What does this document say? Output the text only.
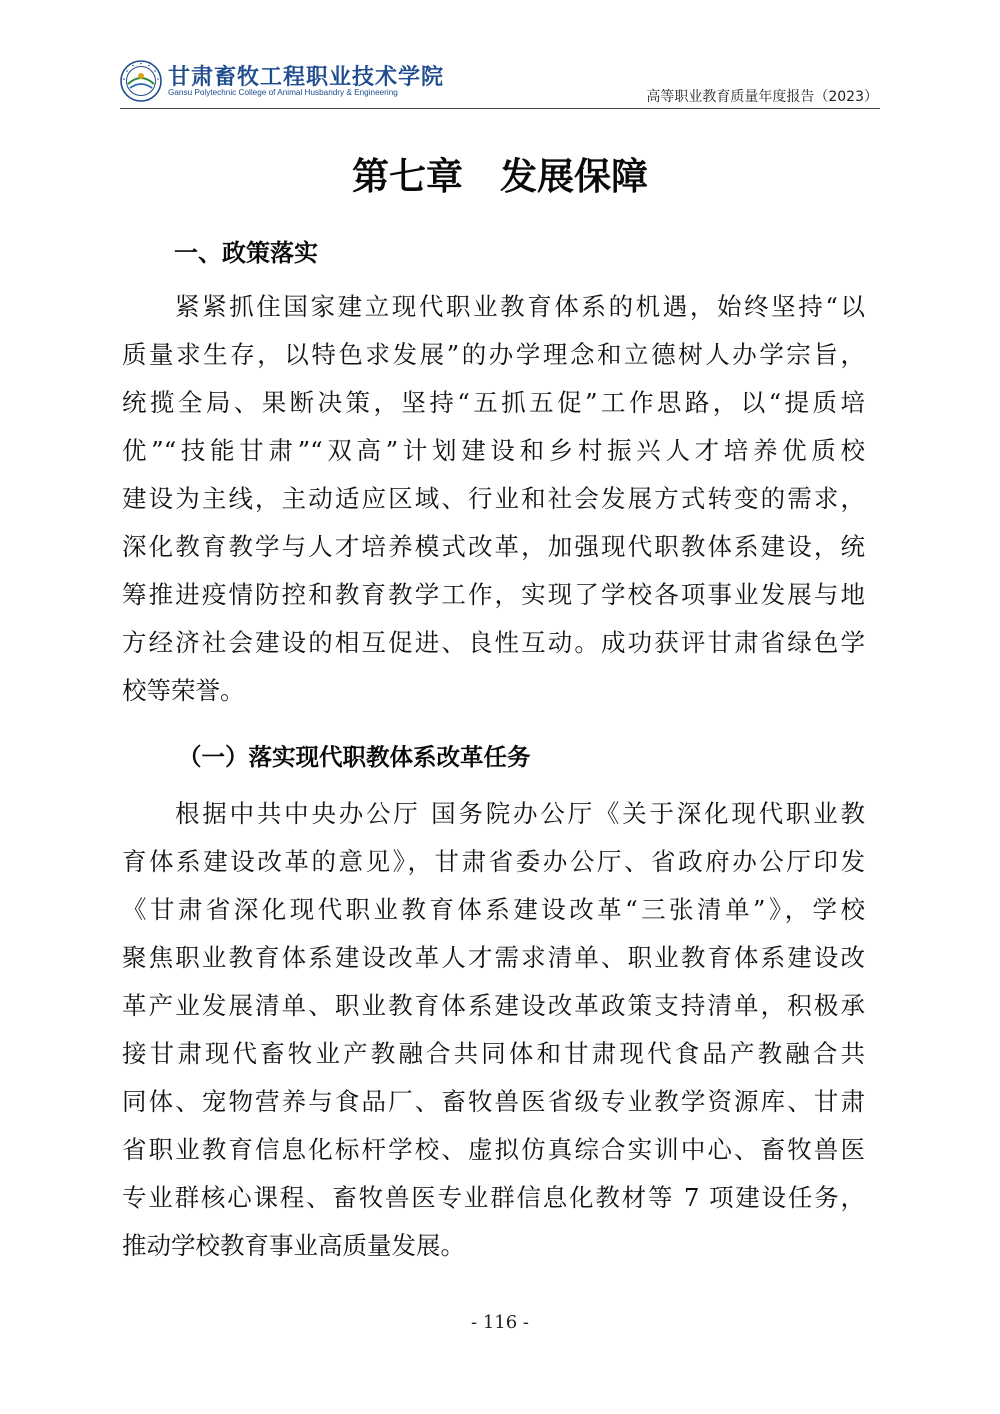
甘肃畜牧工程职业技术学院
Gansu Polytechnic College of Animal Husbandry & Engineering	高等职业教育质量年度报告（2023）
第七章　发展保障
一、政策落实
紧紧抓住国家建立现代职业教育体系的机遇，始终坚持“以
质量求生存，以特色求发展”的办学理念和立德树人办学宗旨，
统揽全局、果断决策，坚持“五抓五促”工作思路，以“提质培
优”“技能甘肃”“双高”计划建设和乡村振兴人才培养优质校
建设为主线，主动适应区域、行业和社会发展方式转变的需求，
深化教育教学与人才培养模式改革，加强现代职教体系建设，统
筹推进疫情防控和教育教学工作，实现了学校各项事业发展与地
方经济社会建设的相互促进、良性互动。成功获评甘肃省绿色学
校等荣誉。
（一）落实现代职教体系改革任务
根据中共中央办公厅 国务院办公厅《关于深化现代职业教
育体系建设改革的意见》，甘肃省委办公厅、省政府办公厅印发
《甘肃省深化现代职业教育体系建设改革“三张清单”》，学校
聚焦职业教育体系建设改革人才需求清单、职业教育体系建设改
革产业发展清单、职业教育体系建设改革政策支持清单，积极承
接甘肃现代畜牧业产教融合共同体和甘肃现代食品产教融合共
同体、宠物营养与食品厂、畜牧兽医省级专业教学资源库、甘肃
省职业教育信息化标杆学校、虚拟仿真综合实训中心、畜牧兽医
专业群核心课程、畜牧兽医专业群信息化教材等 7 项建设任务，
推动学校教育事业高质量发展。
- 116 -
